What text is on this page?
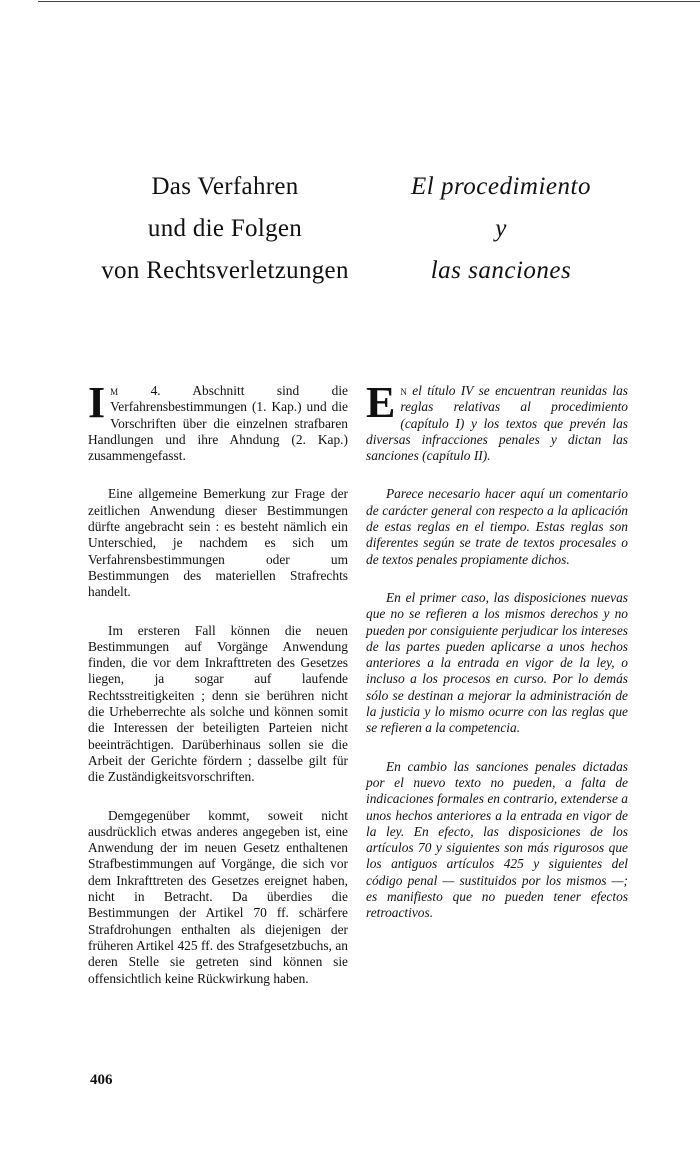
Das Verfahren
und die Folgen
von Rechtsverletzungen
El procedimiento
y
las sanciones

Im 4. Abschnitt sind die Verfahrensbestimmungen (1. Kap.) und die Vorschriften über die einzelnen strafbaren Handlungen und ihre Ahndung (2. Kap.) zusammengefasst.

Eine allgemeine Bemerkung zur Frage der zeitlichen Anwendung dieser Bestimmungen dürfte angebracht sein : es besteht nämlich ein Unterschied, je nachdem es sich um Verfahrensbestimmungen oder um Bestimmungen des materiellen Strafrechts handelt.

Im ersteren Fall können die neuen Bestimmungen auf Vorgänge Anwendung finden, die vor dem Inkrafttreten des Gesetzes liegen, ja sogar auf laufende Rechtsstreitigkeiten ; denn sie berühren nicht die Urheberrechte als solche und können somit die Interessen der beteiligten Parteien nicht beeinträchtigen. Darüberhinaus sollen sie die Arbeit der Gerichte fördern ; dasselbe gilt für die Zuständigkeitsvorschriften.

Demgegenüber kommt, soweit nicht ausdrücklich etwas anderes angegeben ist, eine Anwendung der im neuen Gesetz enthaltenen Strafbestimmungen auf Vorgänge, die sich vor dem Inkrafttreten des Gesetzes ereignet haben, nicht in Betracht. Da überdies die Bestimmungen der Artikel 70 ff. schärfere Strafdrohungen enthalten als diejenigen der früheren Artikel 425 ff. des Strafgesetzbuchs, an deren Stelle sie getreten sind können sie offensichtlich keine Rückwirkung haben.

En el título IV se encuentran reunidas las reglas relativas al procedimiento (capítulo I) y los textos que prevén las diversas infracciones penales y dictan las sanciones (capítulo II).

Parece necesario hacer aquí un comentario de carácter general con respecto a la aplicación de estas reglas en el tiempo. Estas reglas son diferentes según se trate de textos procesales o de textos penales propiamente dichos.

En el primer caso, las disposiciones nuevas que no se refieren a los mismos derechos y no pueden por consiguiente perjudicar los intereses de las partes pueden aplicarse a unos hechos anteriores a la entrada en vigor de la ley, o incluso a los procesos en curso. Por lo demás sólo se destinan a mejorar la administración de la justicia y lo mismo ocurre con las reglas que se refieren a la competencia.

En cambio las sanciones penales dictadas por el nuevo texto no pueden, a falta de indicaciones formales en contrario, extenderse a unos hechos anteriores a la entrada en vigor de la ley. En efecto, las disposiciones de los artículos 70 y siguientes son más rigurosos que los antiguos artículos 425 y siguientes del código penal — sustituidos por los mismos —; es manifiesto que no pueden tener efectos retroactivos.

406
